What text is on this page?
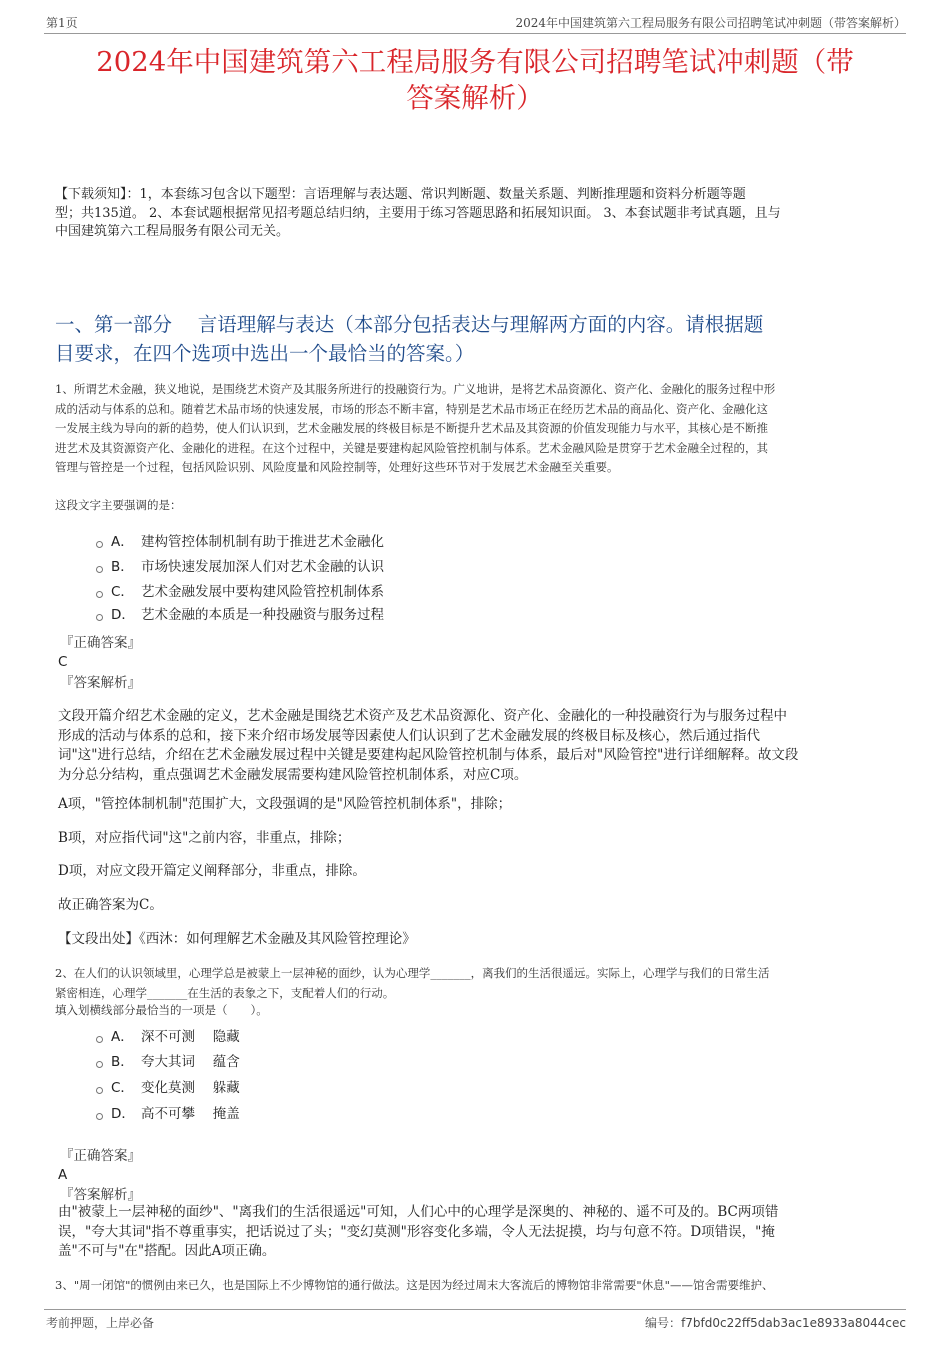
第1页	2024年中国建筑第六工程局服务有限公司招聘笔试冲刺题（带答案解析）
2024年中国建筑第六工程局服务有限公司招聘笔试冲刺题（带
答案解析）
【下载须知】：1，本套练习包含以下题型：言语理解与表达题、常识判断题、数量关系题、判断推理题和资料分析题等题
型；共135道。 2、本套试题根据常见招考题总结归纳，主要用于练习答题思路和拓展知识面。 3、本套试题非考试真题，且与
中国建筑第六工程局服务有限公司无关。
一、第一部分　 言语理解与表达（本部分包括表达与理解两方面的内容。请根据题
目要求，在四个选项中选出一个最恰当的答案。）
1、所谓艺术金融，狭义地说，是围绕艺术资产及其服务所进行的投融资行为。广义地讲，是将艺术品资源化、资产化、金融化的服务过程中形
成的活动与体系的总和。随着艺术品市场的快速发展，市场的形态不断丰富，特别是艺术品市场正在经历艺术品的商品化、资产化、金融化这
一发展主线为导向的新的趋势，使人们认识到，艺术金融发展的终极目标是不断提升艺术品及其资源的价值发现能力与水平，其核心是不断推
进艺术及其资源资产化、金融化的进程。在这个过程中，关键是要建构起风险管控机制与体系。艺术金融风险是贯穿于艺术金融全过程的，其
管理与管控是一个过程，包括风险识别、风险度量和风险控制等，处理好这些环节对于发展艺术金融至关重要。
这段文字主要强调的是：
A． 建构管控体制机制有助于推进艺术金融化
B． 市场快速发展加深人们对艺术金融的认识
C． 艺术金融发展中要构建风险管控机制体系
D． 艺术金融的本质是一种投融资与服务过程
『正确答案』
C
『答案解析』
文段开篇介绍艺术金融的定义，艺术金融是围绕艺术资产及艺术品资源化、资产化、金融化的一种投融资行为与服务过程中
形成的活动与体系的总和，接下来介绍市场发展等因素使人们认识到了艺术金融发展的终极目标及核心，然后通过指代
词"这"进行总结，介绍在艺术金融发展过程中关键是要建构起风险管控机制与体系，最后对"风险管控"进行详细解释。故文段
为分总分结构，重点强调艺术金融发展需要构建风险管控机制体系，对应C项。
A项，"管控体制机制"范围扩大，文段强调的是"风险管控机制体系"，排除；
B项，对应指代词"这"之前内容，非重点，排除；
D项，对应文段开篇定义阐释部分，非重点，排除。
故正确答案为C。
【文段出处】《西沐：如何理解艺术金融及其风险管控理论》
2、在人们的认识领域里，心理学总是被蒙上一层神秘的面纱，认为心理学_______，离我们的生活很遥远。实际上，心理学与我们的日常生活
紧密相连，心理学_______在生活的表象之下，支配着人们的行动。
填入划横线部分最恰当的一项是（　　）。
A． 深不可测　 隐藏
B． 夸大其词　 蕴含
C． 变化莫测　 躲藏
D． 高不可攀　 掩盖
『正确答案』
A
『答案解析』
由"被蒙上一层神秘的面纱"、"离我们的生活很遥远"可知，人们心中的心理学是深奥的、神秘的、遥不可及的。BC两项错
误，"夸大其词"指不尊重事实，把话说过了头；"变幻莫测"形容变化多端，令人无法捉摸，均与句意不符。D项错误，"掩
盖"不可与"在"搭配。因此A项正确。
3、"周一闭馆"的惯例由来已久，也是国际上不少博物馆的通行做法。这是因为经过周末大客流后的博物馆非常需要"休息"——馆舍需要维护、
考前押题，上岸必备	编号：f7bfd0c22ff5dab3ac1e8933a8044cec
